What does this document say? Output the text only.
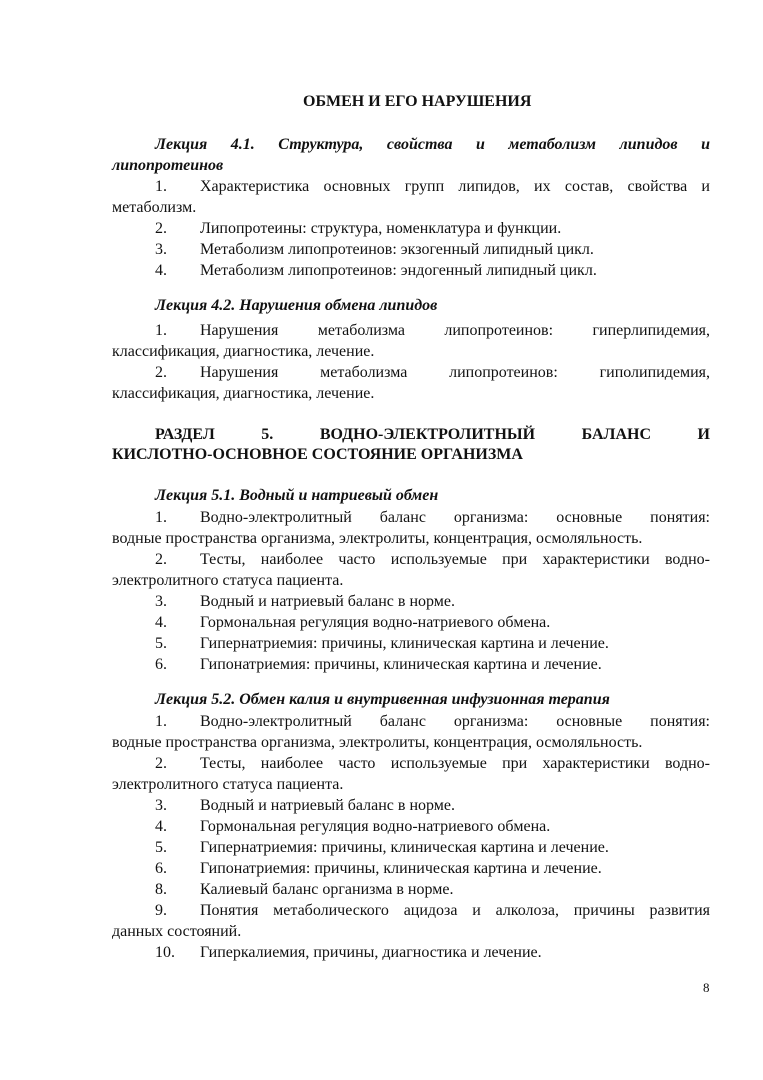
ОБМЕН И ЕГО НАРУШЕНИЯ
Лекция 4.1. Структура, свойства и метаболизм липидов и
липопротеинов
1. Характеристика основных групп липидов, их состав, свойства и
метаболизм.
2. Липопротеины: структура, номенклатура и функции.
3. Метаболизм липопротеинов: экзогенный липидный цикл.
4. Метаболизм липопротеинов: эндогенный липидный цикл.
Лекция 4.2. Нарушения обмена липидов
1. Нарушения метаболизма липопротеинов: гиперлипидемия,
классификация, диагностика, лечение.
2. Нарушения метаболизма липопротеинов: гиполипидемия,
классификация, диагностика, лечение.
РАЗДЕЛ 5. ВОДНО-ЭЛЕКТРОЛИТНЫЙ БАЛАНС И
КИСЛОТНО-ОСНОВНОЕ СОСТОЯНИЕ ОРГАНИЗМА
Лекция 5.1. Водный и натриевый обмен
1. Водно-электролитный баланс организма: основные понятия:
водные пространства организма, электролиты, концентрация, осмоляльность.
2. Тесты, наиболее часто используемые при характеристики водно-
электролитного статуса пациента.
3. Водный и натриевый баланс в норме.
4. Гормональная регуляция водно-натриевого обмена.
5. Гипернатриемия: причины, клиническая картина и лечение.
6. Гипонатриемия: причины, клиническая картина и лечение.
Лекция 5.2. Обмен калия и внутривенная инфузионная терапия
1. Водно-электролитный баланс организма: основные понятия:
водные пространства организма, электролиты, концентрация, осмоляльность.
2. Тесты, наиболее часто используемые при характеристики водно-
электролитного статуса пациента.
3. Водный и натриевый баланс в норме.
4. Гормональная регуляция водно-натриевого обмена.
5. Гипернатриемия: причины, клиническая картина и лечение.
6. Гипонатриемия: причины, клиническая картина и лечение.
8. Калиевый баланс организма в норме.
9. Понятия метаболического ацидоза и алколоза, причины развития
данных состояний.
10. Гиперкалиемия, причины, диагностика и лечение.
8
